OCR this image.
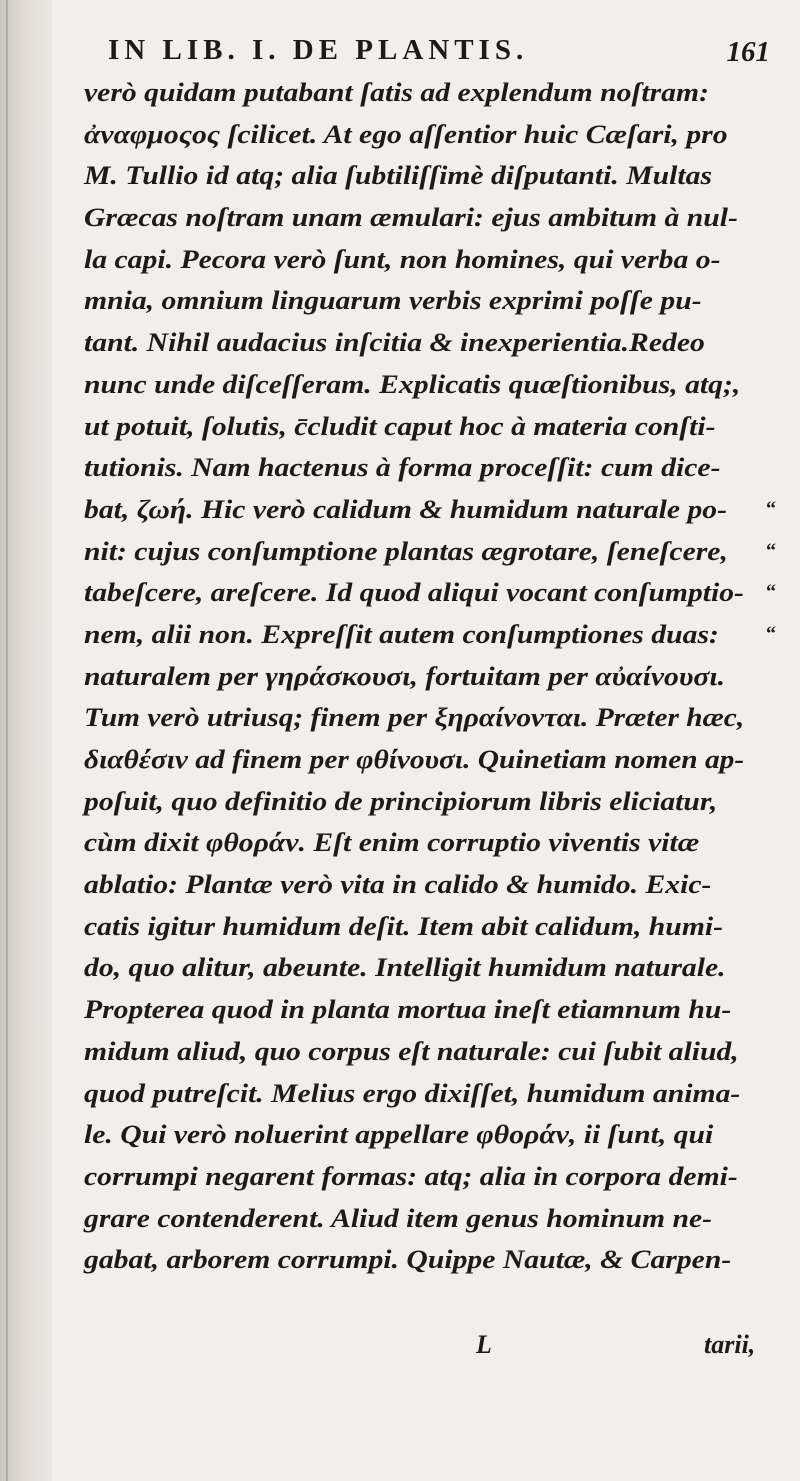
IN LIB. I. DE PLANTIS.	161
verò quidam putabant ſatis ad explendum noſtram:
ἀναφμοςος ſcilicet. At ego aſſentior huic Cæſari, pro
M. Tullio id atq; alia ſubtiliſſimè diſputanti. Multas
Græcas noſtram unam æmulari: ejus ambitum à nul-
la capi. Pecora verò ſunt, non homines, qui verba o-
mnia, omnium linguarum verbis exprimi poſſe pu-
tant. Nihil audacius inſcitia & inexperientia.Redeo
nunc unde diſceſſeram. Explicatis quæſtionibus, atq;,
ut potuit, ſolutis, c̄cludit caput hoc à materia conſti-
tutionis. Nam hactenus à forma proceſſit: cum dice-
bat, ζωή. Hic verò calidum & humidum naturale po- “
nit: cujus conſumptione plantas ægrotare, ſeneſcere, “
tabeſcere, areſcere. Id quod aliqui vocant conſumptio- “
nem, alii non. Expreſſit autem conſumptiones duas: “
naturalem per γηράσκουσι, fortuitam per αὐαίνουσι.
Tum verò utriusq; finem per ξηραίνονται. Præter hæc,
διαθέσιν ad finem per φθίνουσι. Quinetiam nomen ap-
poſuit, quo definitio de principiorum libris eliciatur,
cùm dixit φθοράν. Eſt enim corruptio viventis vitæ
ablatio: Plantæ verò vita in calido & humido. Exic-
catis igitur humidum deſit. Item abit calidum, humi-
do, quo alitur, abeunte. Intelligit humidum naturale.
Propterea quod in planta mortua ineſt etiamnum hu-
midum aliud, quo corpus eſt naturale: cui ſubit aliud,
quod putreſcit. Melius ergo dixiſſet, humidum anima-
le. Qui verò noluerint appellare φθοράν, ii ſunt, qui
corrumpi negarent formas: atq; alia in corpora demi-
grare contenderent. Aliud item genus hominum ne-
gabat, arborem corrumpi. Quippe Nautæ, & Carpen-
L	tarii,
